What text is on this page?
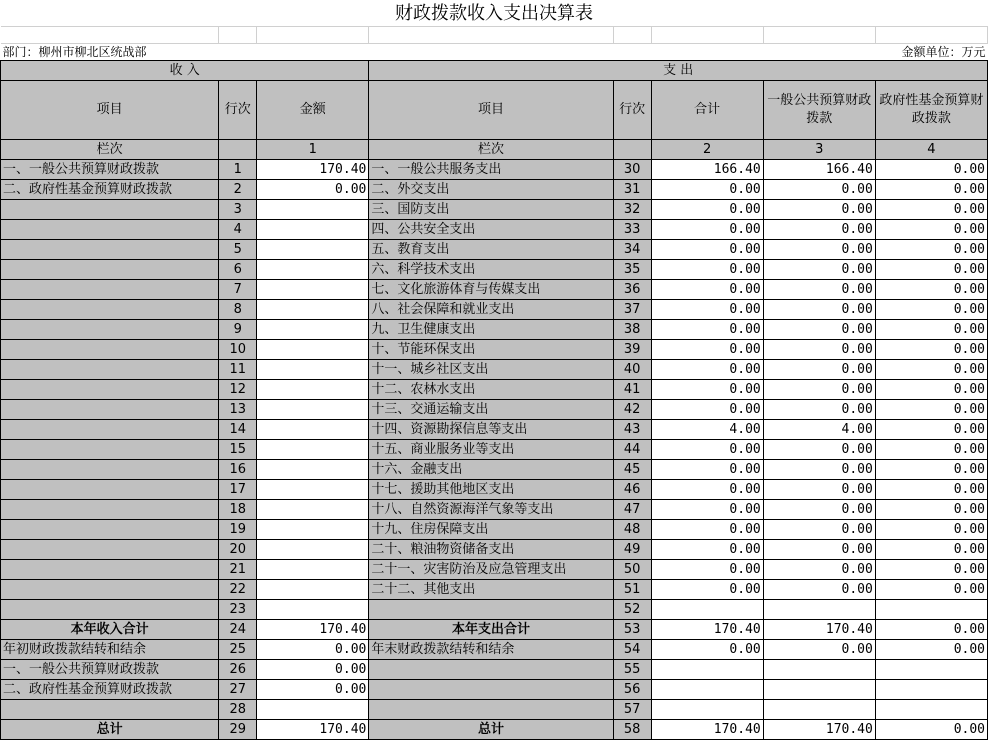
财政拨款收入支出决算表							

部门：柳州市柳北区统战部				金额单位：万元			
收 入			支 出				
项目	行次	金额	项目	行次	合计	一般公共预算财政拨款	政府性基金预算财政拨款
栏次		1	栏次		2	3	4
一、一般公共预算财政拨款	1	170.40	一、一般公共服务支出	30	166.40	166.40	0.00
二、政府性基金预算财政拨款	2	0.00	二、外交支出	31	0.00	0.00	0.00
	3		三、国防支出	32	0.00	0.00	0.00
	4		四、公共安全支出	33	0.00	0.00	0.00
	5		五、教育支出	34	0.00	0.00	0.00
	6		六、科学技术支出	35	0.00	0.00	0.00
	7		七、文化旅游体育与传媒支出	36	0.00	0.00	0.00
	8		八、社会保障和就业支出	37	0.00	0.00	0.00
	9		九、卫生健康支出	38	0.00	0.00	0.00
	10		十、节能环保支出	39	0.00	0.00	0.00
	11		十一、城乡社区支出	40	0.00	0.00	0.00
	12		十二、农林水支出	41	0.00	0.00	0.00
	13		十三、交通运输支出	42	0.00	0.00	0.00
	14		十四、资源勘探信息等支出	43	4.00	4.00	0.00
	15		十五、商业服务业等支出	44	0.00	0.00	0.00
	16		十六、金融支出	45	0.00	0.00	0.00
	17		十七、援助其他地区支出	46	0.00	0.00	0.00
	18		十八、自然资源海洋气象等支出	47	0.00	0.00	0.00
	19		十九、住房保障支出	48	0.00	0.00	0.00
	20		二十、粮油物资储备支出	49	0.00	0.00	0.00
	21		二十一、灾害防治及应急管理支出	50	0.00	0.00	0.00
	22		二十二、其他支出	51	0.00	0.00	0.00
	23			52			
本年收入合计	24	170.40	本年支出合计	53	170.40	170.40	0.00
年初财政拨款结转和结余	25	0.00	年末财政拨款结转和结余	54	0.00	0.00	0.00
一、一般公共预算财政拨款	26	0.00		55			
二、政府性基金预算财政拨款	27	0.00		56			
	28			57			
总计	29	170.40	总计	58	170.40	170.40	0.00
